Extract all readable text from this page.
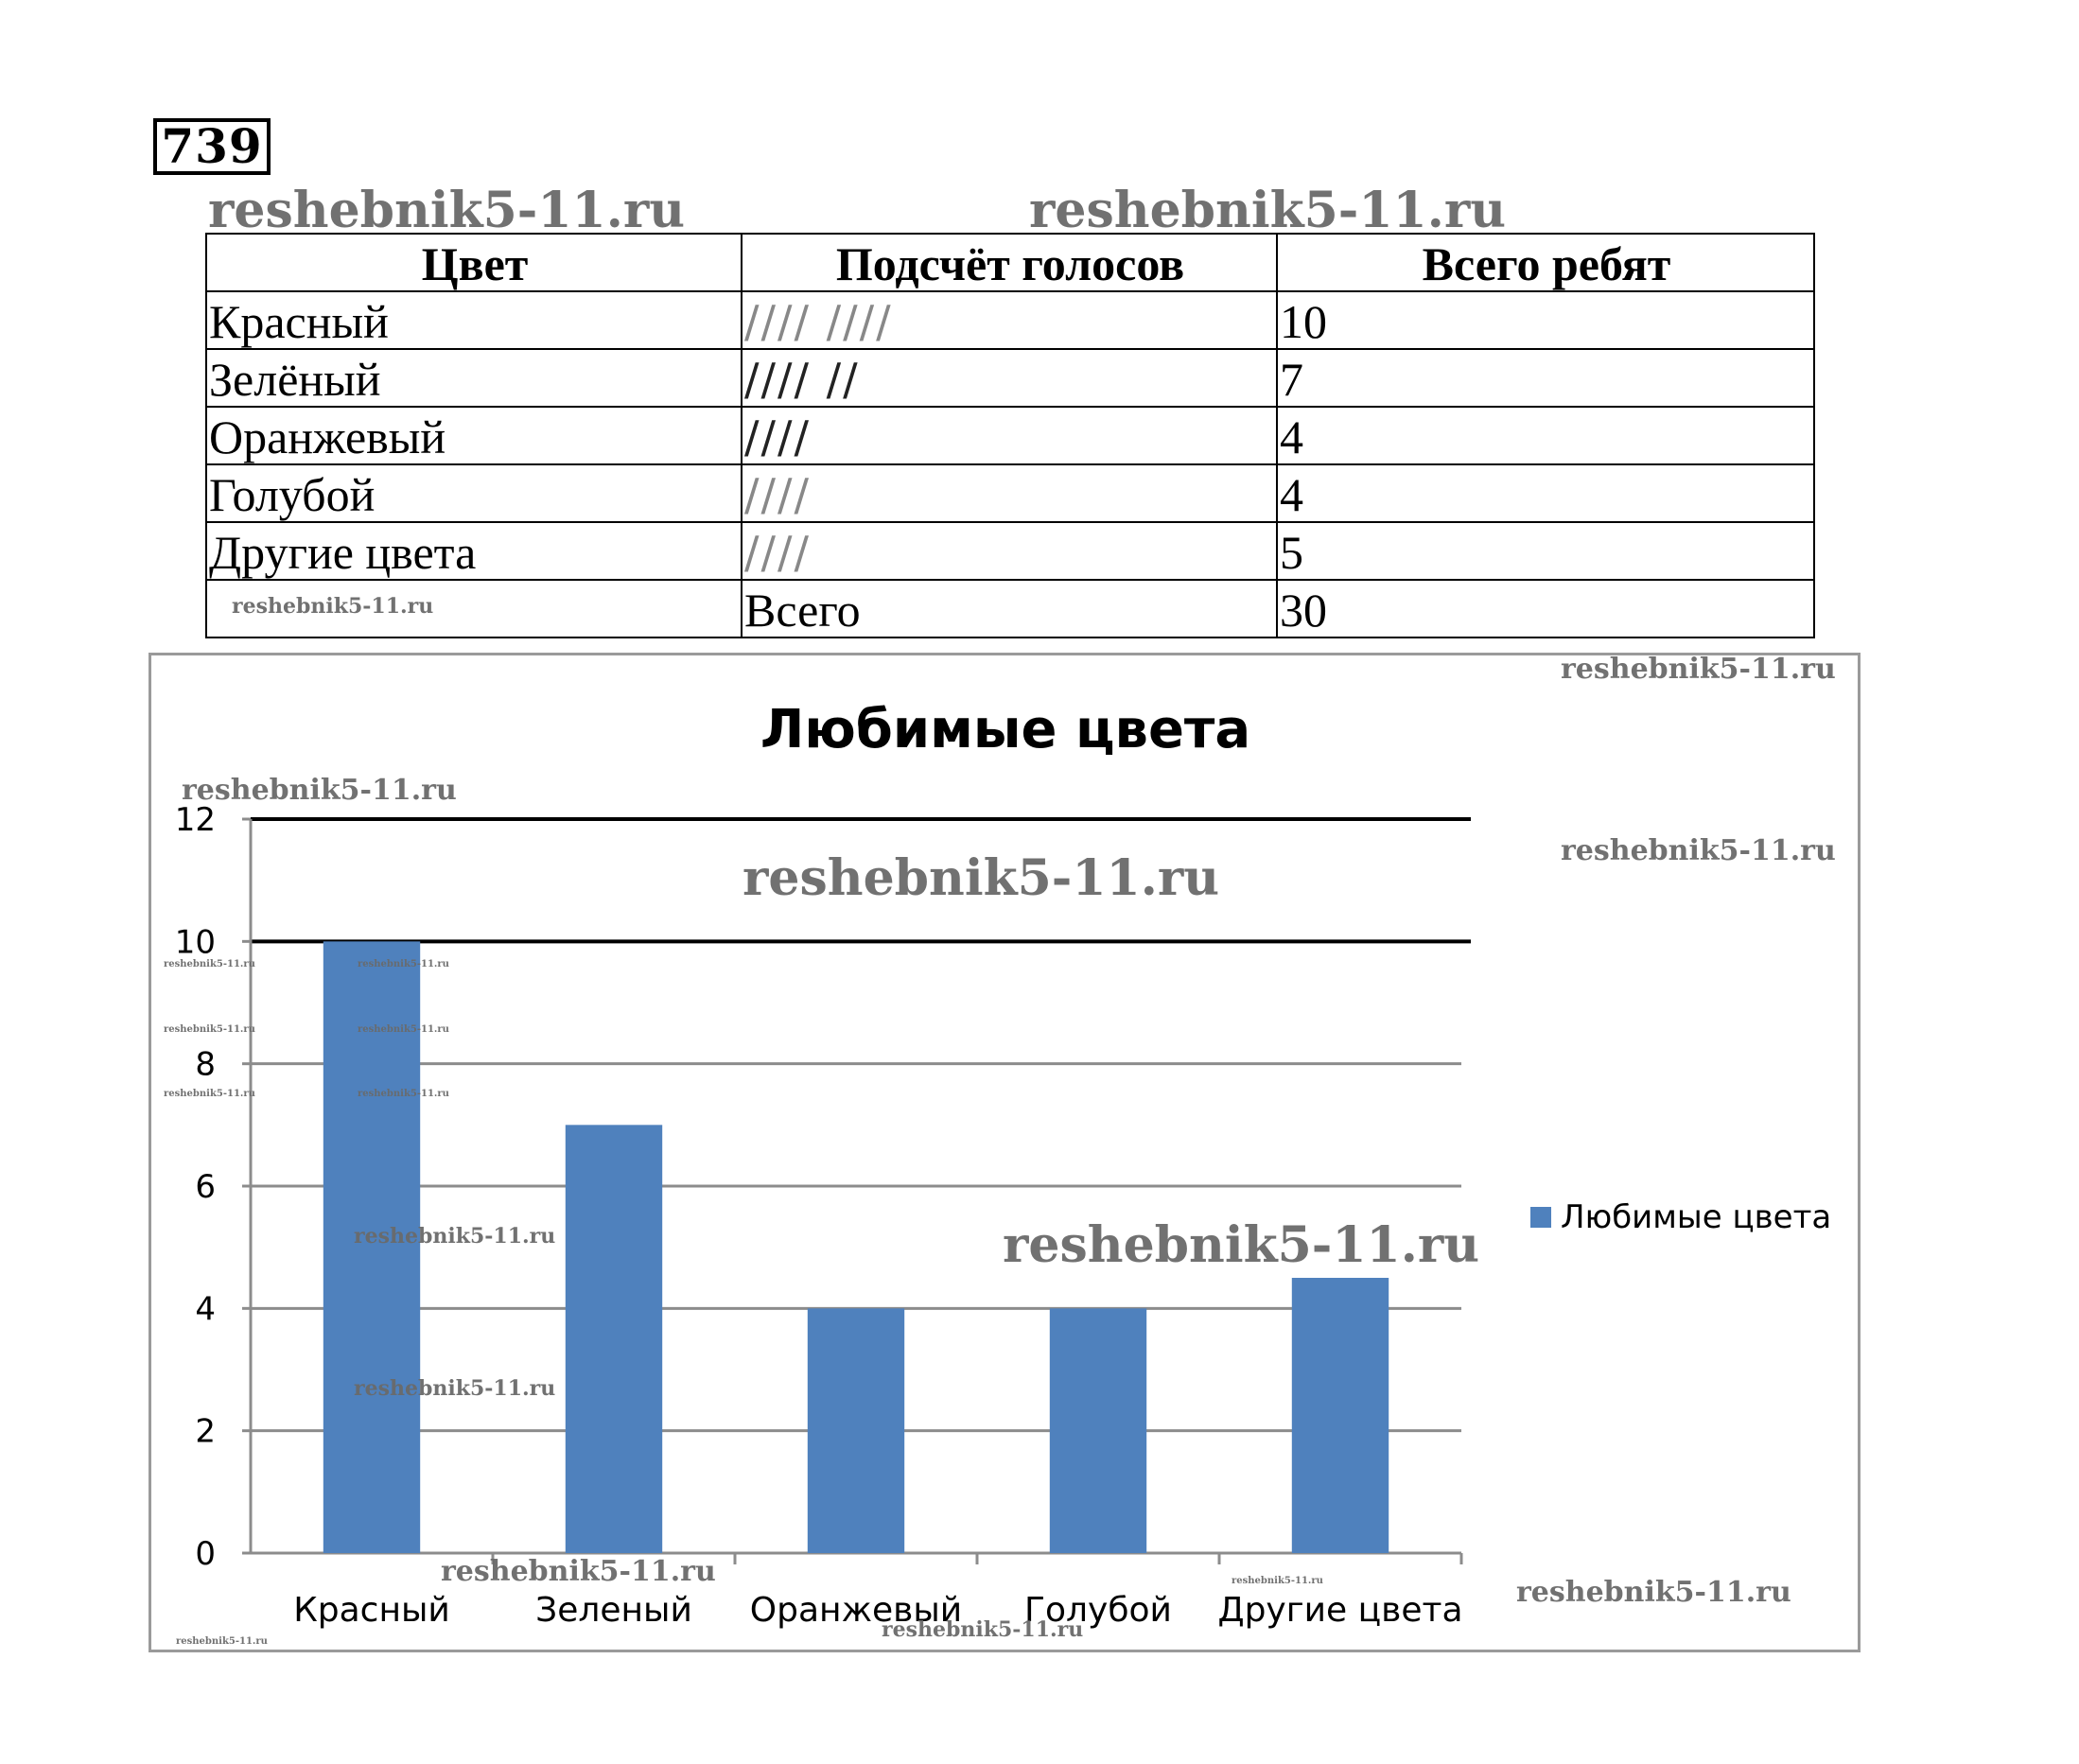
739
reshebnik5-11.ru	reshebnik5-11.ru
Цвет	Подсчёт голосов	Всего ребят
Красный	//// ////	10
Зелёный	//// //	7
Оранжевый	////	4
Голубой	////	4
Другие цвета	////	5
	Всего	30
reshebnik5-11.ru
Любимые цвета
0
2
4
6
8
10
12
Красный	Зеленый Оранжевый Голубой Другие цвета
Любимые цвета
reshebnik5-11.ru
reshebnik5-11.ru
reshebnik5-11.ru
reshebnik5-11.ru
reshebnik5-11.ru	reshebnik5-11.ru
reshebnik5-11.ru	reshebnik5-11.ru
reshebnik5-11.ru	reshebnik5-11.ru
reshebnik5-11.ru	reshebnik5-11.ru
reshebnik5-11.ru
reshebnik5-11.ru	reshebnik5-11.ru	reshebnik5-11.ru
reshebnik5-11.ru
reshebnik5-11.ru
